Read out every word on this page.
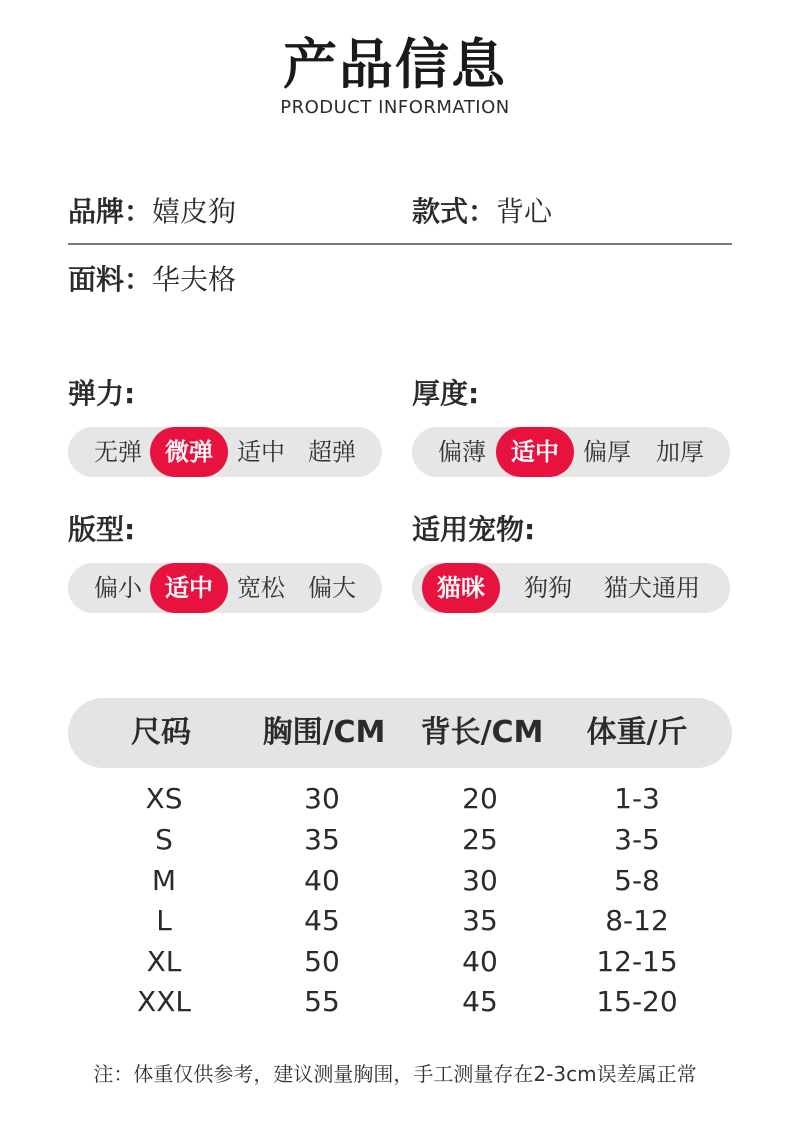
产品信息
PRODUCT INFORMATION
品牌：嬉皮狗	款式：背心
面料：华夫格
弹力:
无弹 微弹	适中 超弹
厚度:
偏薄	适中	偏厚	加厚
版型:
偏小 适中	宽松 偏大
适用宠物:
猫咪	狗狗	猫犬通用
尺码	胸围/CM	背长/CM	体重/斤
XS	30	20	1-3
S	35	25	3-5
M	40	30	5-8
L	45	35	8-12
XL	50	40	12-15
XXL	55	45	15-20
注：体重仅供参考，建议测量胸围，手工测量存在2-3cm误差属正常
